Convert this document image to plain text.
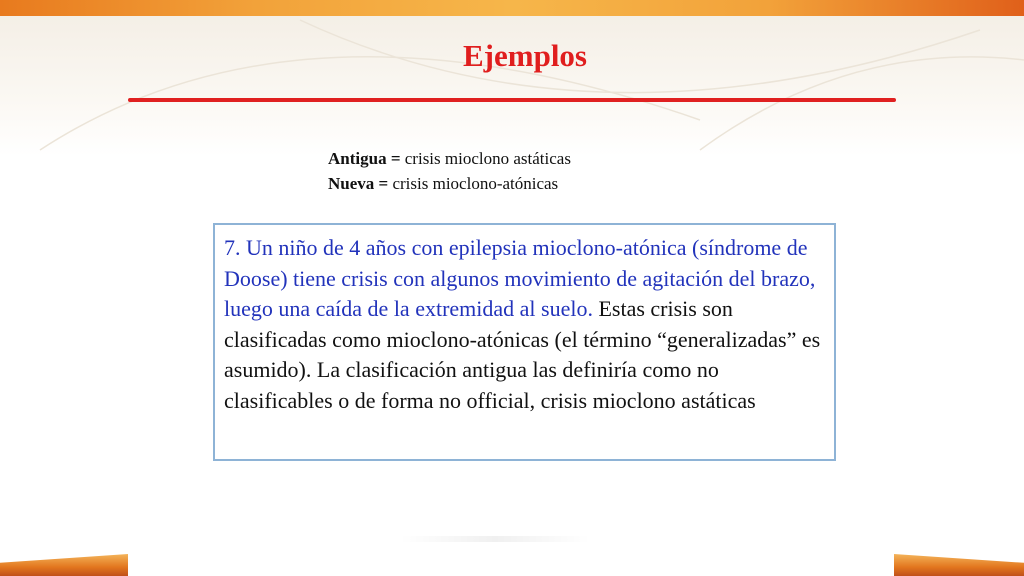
Ejemplos
Antigua = crisis mioclono astáticas
Nueva = crisis mioclono-atónicas
7. Un niño de 4 años con epilepsia mioclono-atónica (síndrome de Doose) tiene crisis con algunos movimiento de agitación del brazo, luego una caída de la extremidad al suelo. Estas crisis son clasificadas como mioclono-atónicas (el término “generalizadas” es asumido). La clasificación antigua las definiría como no clasificables o de forma no official, crisis mioclono astáticas
